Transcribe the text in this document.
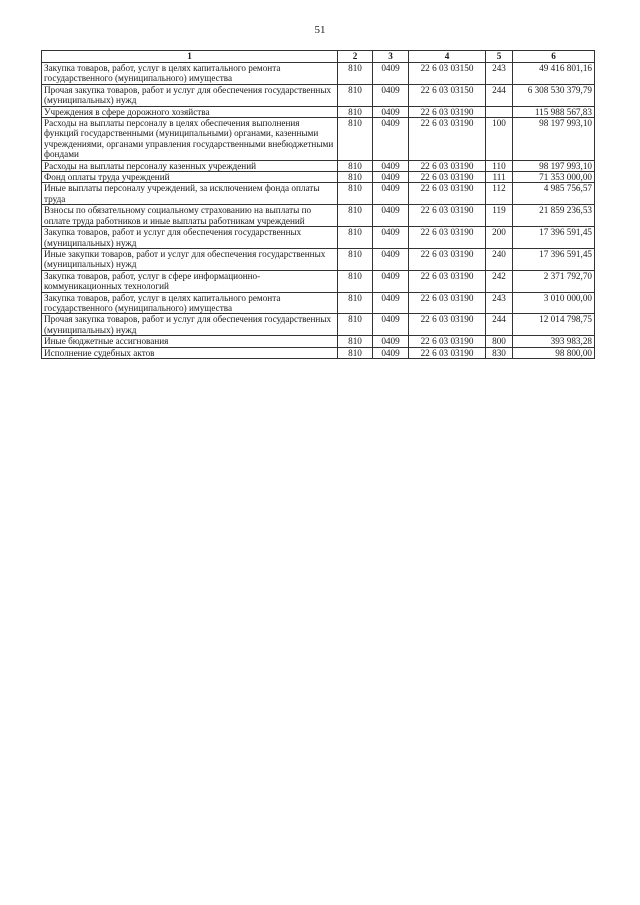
51
1	2	3	4	5	6
Закупка товаров, работ, услуг в целях капитального ремонта государственного (муниципального) имущества	810	0409	22 6 03 03150	243	49 416 801,16
Прочая закупка товаров, работ и услуг для обеспечения государственных (муниципальных) нужд	810	0409	22 6 03 03150	244	6 308 530 379,79
Учреждения в сфере дорожного хозяйства	810	0409	22 6 03 03190		115 988 567,83
Расходы на выплаты персоналу в целях обеспечения выполнения функций государственными (муниципальными) органами, казенными учреждениями, органами управления государственными внебюджетными фондами	810	0409	22 6 03 03190	100	98 197 993,10
Расходы на выплаты персоналу казенных учреждений	810	0409	22 6 03 03190	110	98 197 993,10
Фонд оплаты труда учреждений	810	0409	22 6 03 03190	111	71 353 000,00
Иные выплаты персоналу учреждений, за исключением фонда оплаты труда	810	0409	22 6 03 03190	112	4 985 756,57
Взносы по обязательному социальному страхованию на выплаты по оплате труда работников и иные выплаты работникам учреждений	810	0409	22 6 03 03190	119	21 859 236,53
Закупка товаров, работ и услуг для обеспечения государственных (муниципальных) нужд	810	0409	22 6 03 03190	200	17 396 591,45
Иные закупки товаров, работ и услуг для обеспечения государственных (муниципальных) нужд	810	0409	22 6 03 03190	240	17 396 591,45
Закупка товаров, работ, услуг в сфере информационно-коммуникационных технологий	810	0409	22 6 03 03190	242	2 371 792,70
Закупка товаров, работ, услуг в целях капитального ремонта государственного (муниципального) имущества	810	0409	22 6 03 03190	243	3 010 000,00
Прочая закупка товаров, работ и услуг для обеспечения государственных (муниципальных) нужд	810	0409	22 6 03 03190	244	12 014 798,75
Иные бюджетные ассигнования	810	0409	22 6 03 03190	800	393 983,28
Исполнение судебных актов	810	0409	22 6 03 03190	830	98 800,00
